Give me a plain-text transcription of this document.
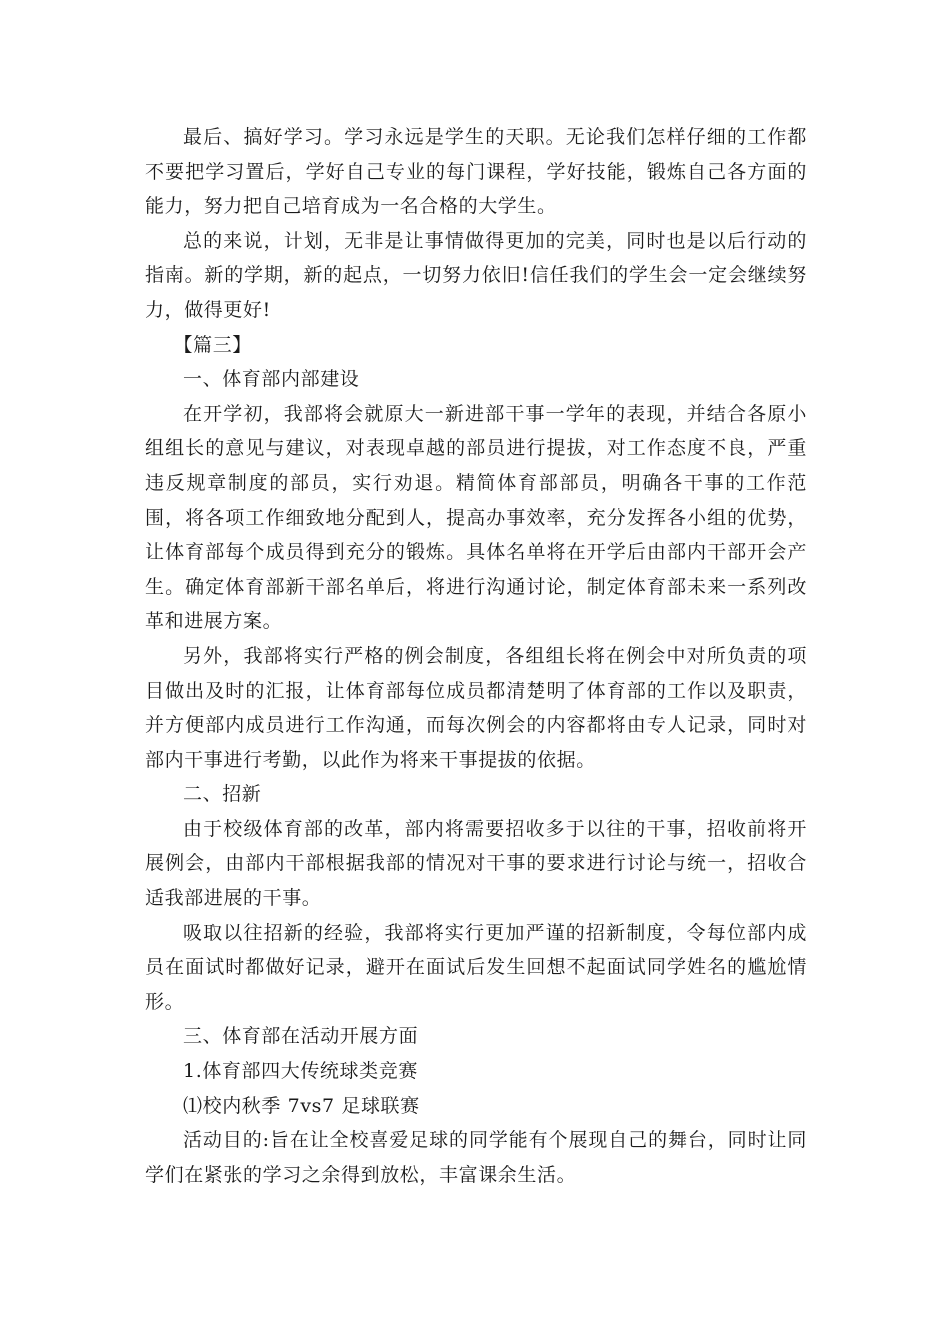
最后、搞好学习。学习永远是学生的天职。无论我们怎样仔细的工作都不要把学习置后，学好自己专业的每门课程，学好技能，锻炼自己各方面的能力，努力把自己培育成为一名合格的大学生。

总的来说，计划，无非是让事情做得更加的完美，同时也是以后行动的指南。新的学期，新的起点，一切努力依旧!信任我们的学生会一定会继续努力，做得更好!

【篇三】

一、体育部内部建设

在开学初，我部将会就原大一新进部干事一学年的表现，并结合各原小组组长的意见与建议，对表现卓越的部员进行提拔，对工作态度不良，严重违反规章制度的部员，实行劝退。精简体育部部员，明确各干事的工作范围，将各项工作细致地分配到人，提高办事效率，充分发挥各小组的优势，让体育部每个成员得到充分的锻炼。具体名单将在开学后由部内干部开会产生。确定体育部新干部名单后，将进行沟通讨论，制定体育部未来一系列改革和进展方案。

另外，我部将实行严格的例会制度，各组组长将在例会中对所负责的项目做出及时的汇报，让体育部每位成员都清楚明了体育部的工作以及职责，并方便部内成员进行工作沟通，而每次例会的内容都将由专人记录，同时对部内干事进行考勤，以此作为将来干事提拔的依据。

二、招新

由于校级体育部的改革，部内将需要招收多于以往的干事，招收前将开展例会，由部内干部根据我部的情况对干事的要求进行讨论与统一，招收合适我部进展的干事。

吸取以往招新的经验，我部将实行更加严谨的招新制度，令每位部内成员在面试时都做好记录，避开在面试后发生回想不起面试同学姓名的尴尬情形。

三、体育部在活动开展方面

1.体育部四大传统球类竞赛

⑴校内秋季 7vs7 足球联赛

活动目的:旨在让全校喜爱足球的同学能有个展现自己的舞台，同时让同学们在紧张的学习之余得到放松，丰富课余生活。
